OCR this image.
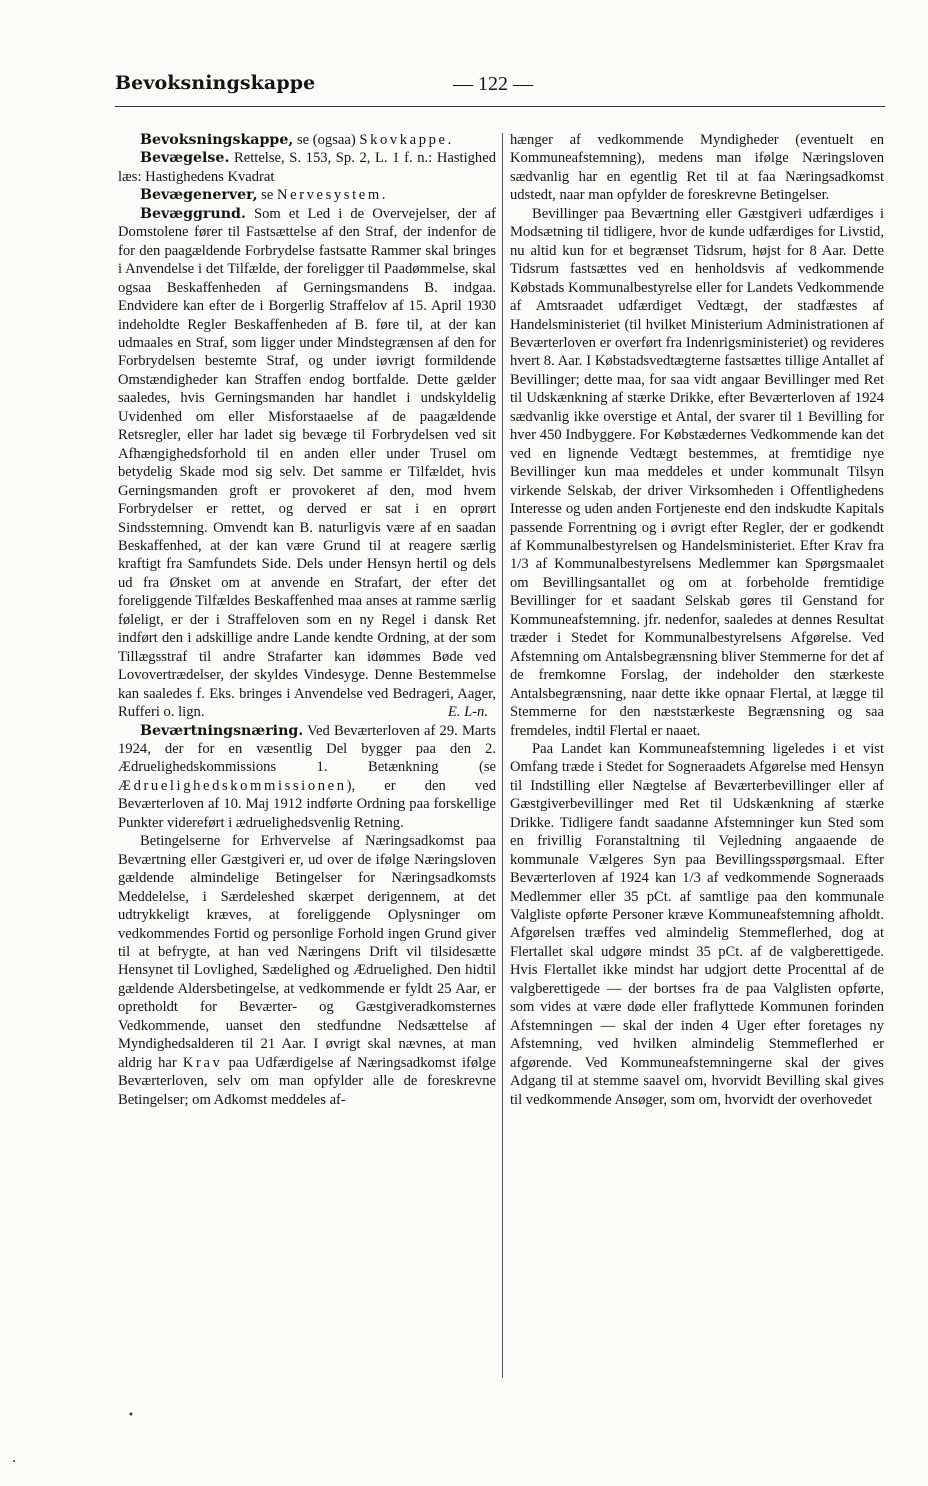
Bevoksningskappe	— 122 —

Bevoksningskappe, se (ogsaa) Skovkappe.

Bevægelse. Rettelse, S. 153, Sp. 2, L. 1 f. n.: Hastighed læs: Hastighedens Kvadrat

Bevægenerver, se Nervesystem.

Bevæggrund. Som et Led i de Overvejelser, der af Domstolene fører til Fastsættelse af den Straf, der indenfor de for den paagældende Forbrydelse fastsatte Rammer skal bringes i Anvendelse i det Tilfælde, der foreligger til Paadømmelse, skal ogsaa Beskaffenheden af Gerningsmandens B. indgaa. Endvidere kan efter de i Borgerlig Straffelov af 15. April 1930 indeholdte Regler Beskaffenheden af B. føre til, at der kan udmaales en Straf, som ligger under Mindstegrænsen af den for Forbrydelsen bestemte Straf, og under iøvrigt formildende Omstændigheder kan Straffen endog bortfalde. Dette gælder saaledes, hvis Gerningsmanden har handlet i undskyldelig Uvidenhed om eller Misforstaaelse af de paagældende Retsregler, eller har ladet sig bevæge til Forbrydelsen ved sit Afhængighedsforhold til en anden eller under Trusel om betydelig Skade mod sig selv. Det samme er Tilfældet, hvis Gerningsmanden groft er provokeret af den, mod hvem Forbrydelser er rettet, og derved er sat i en oprørt Sindsstemning. Omvendt kan B. naturligvis være af en saadan Beskaffenhed, at der kan være Grund til at reagere særlig kraftigt fra Samfundets Side. Dels under Hensyn hertil og dels ud fra Ønsket om at anvende en Strafart, der efter det foreliggende Tilfældes Beskaffenhed maa anses at ramme særlig føleligt, er der i Straffeloven som en ny Regel i dansk Ret indført den i adskillige andre Lande kendte Ordning, at der som Tillægsstraf til andre Strafarter kan idømmes Bøde ved Lovovertrædelser, der skyldes Vindesyge. Denne Bestemmelse kan saaledes f. Eks. bringes i Anvendelse ved Bedrageri, Aager, Rufferi o. lign.	E. L-n.

Beværtningsnæring. Ved Beværterloven af 29. Marts 1924, der for en væsentlig Del bygger paa den 2. Ædruelighedskommissions 1. Betænkning (se Ædruelighedskommissionen), er den ved Beværterloven af 10. Maj 1912 indførte Ordning paa forskellige Punkter videreført i ædruelighedsvenlig Retning.

Betingelserne for Erhvervelse af Næringsadkomst paa Beværtning eller Gæstgiveri er, ud over de ifølge Næringsloven gældende almindelige Betingelser for Næringsadkomsts Meddelelse, i Særdeleshed skærpet derigennem, at det udtrykkeligt kræves, at foreliggende Oplysninger om vedkommendes Fortid og personlige Forhold ingen Grund giver til at befrygte, at han ved Næringens Drift vil tilsidesætte Hensynet til Lovlighed, Sædelighed og Ædruelighed. Den hidtil gældende Aldersbetingelse, at vedkommende er fyldt 25 Aar, er opretholdt for Beværter- og Gæstgiveradkomsternes Vedkommende, uanset den stedfundne Nedsættelse af Myndighedsalderen til 21 Aar. I øvrigt skal nævnes, at man aldrig har Krav paa Udfærdigelse af Næringsadkomst ifølge Beværterloven, selv om man opfylder alle de foreskrevne Betingelser; om Adkomst meddeles af-

hænger af vedkommende Myndigheder (eventuelt en Kommuneafstemning), medens man ifølge Næringsloven sædvanlig har en egentlig Ret til at faa Næringsadkomst udstedt, naar man opfylder de foreskrevne Betingelser.

Bevillinger paa Beværtning eller Gæstgiveri udfærdiges i Modsætning til tidligere, hvor de kunde udfærdiges for Livstid, nu altid kun for et begrænset Tidsrum, højst for 8 Aar. Dette Tidsrum fastsættes ved en henholdsvis af vedkommende Købstads Kommunalbestyrelse eller for Landets Vedkommende af Amtsraadet udfærdiget Vedtægt, der stadfæstes af Handelsministeriet (til hvilket Ministerium Administrationen af Beværterloven er overført fra Indenrigsministeriet) og revideres hvert 8. Aar. I Købstadsvedtægterne fastsættes tillige Antallet af Bevillinger; dette maa, for saa vidt angaar Bevillinger med Ret til Udskænkning af stærke Drikke, efter Beværterloven af 1924 sædvanlig ikke overstige et Antal, der svarer til 1 Bevilling for hver 450 Indbyggere. For Købstædernes Vedkommende kan det ved en lignende Vedtægt bestemmes, at fremtidige nye Bevillinger kun maa meddeles et under kommunalt Tilsyn virkende Selskab, der driver Virksomheden i Offentlighedens Interesse og uden anden Fortjeneste end den indskudte Kapitals passende Forrentning og i øvrigt efter Regler, der er godkendt af Kommunalbestyrelsen og Handelsministeriet. Efter Krav fra 1/3 af Kommunalbestyrelsens Medlemmer kan Spørgsmaalet om Bevillingsantallet og om at forbeholde fremtidige Bevillinger for et saadant Selskab gøres til Genstand for Kommuneafstemning. jfr. nedenfor, saaledes at dennes Resultat træder i Stedet for Kommunalbestyrelsens Afgørelse. Ved Afstemning om Antalsbegrænsning bliver Stemmerne for det af de fremkomne Forslag, der indeholder den stærkeste Antalsbegrænsning, naar dette ikke opnaar Flertal, at lægge til Stemmerne for den næststærkeste Begrænsning og saa fremdeles, indtil Flertal er naaet.

Paa Landet kan Kommuneafstemning ligeledes i et vist Omfang træde i Stedet for Sogneraadets Afgørelse med Hensyn til Indstilling eller Nægtelse af Beværterbevillinger eller af Gæstgiverbevillinger med Ret til Udskænkning af stærke Drikke. Tidligere fandt saadanne Afstemninger kun Sted som en frivillig Foranstaltning til Vejledning angaaende de kommunale Vælgeres Syn paa Bevillingsspørgsmaal. Efter Beværterloven af 1924 kan 1/3 af vedkommende Sogneraads Medlemmer eller 35 pCt. af samtlige paa den kommunale Valgliste opførte Personer kræve Kommuneafstemning afholdt. Afgørelsen træffes ved almindelig Stemmeflerhed, dog at Flertallet skal udgøre mindst 35 pCt. af de valgberettigede. Hvis Flertallet ikke mindst har udgjort dette Procenttal af de valgberettigede — der bortses fra de paa Valglisten opførte, som vides at være døde eller fraflyttede Kommunen forinden Afstemningen — skal der inden 4 Uger efter foretages ny Afstemning, ved hvilken almindelig Stemmeflerhed er afgørende. Ved Kommuneafstemningerne skal der gives Adgang til at stemme saavel om, hvorvidt Bevilling skal gives til vedkommende Ansøger, som om, hvorvidt der overhovedet

•
•
